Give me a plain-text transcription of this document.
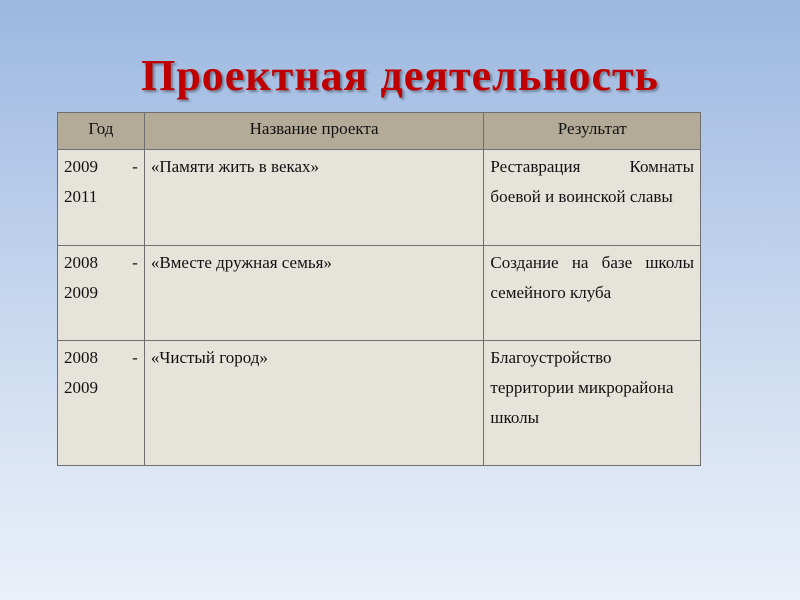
Проектная деятельность
Год	Название проекта	Результат

2009 -
2011	«Памяти жить в веках»	Реставрация Комнаты боевой и воинской славы

2008 -
2009	«Вместе дружная семья»	Создание на базе школы семейного клуба

2008 -
2009	«Чистый город»	Благоустройство территории микрорайона школы
